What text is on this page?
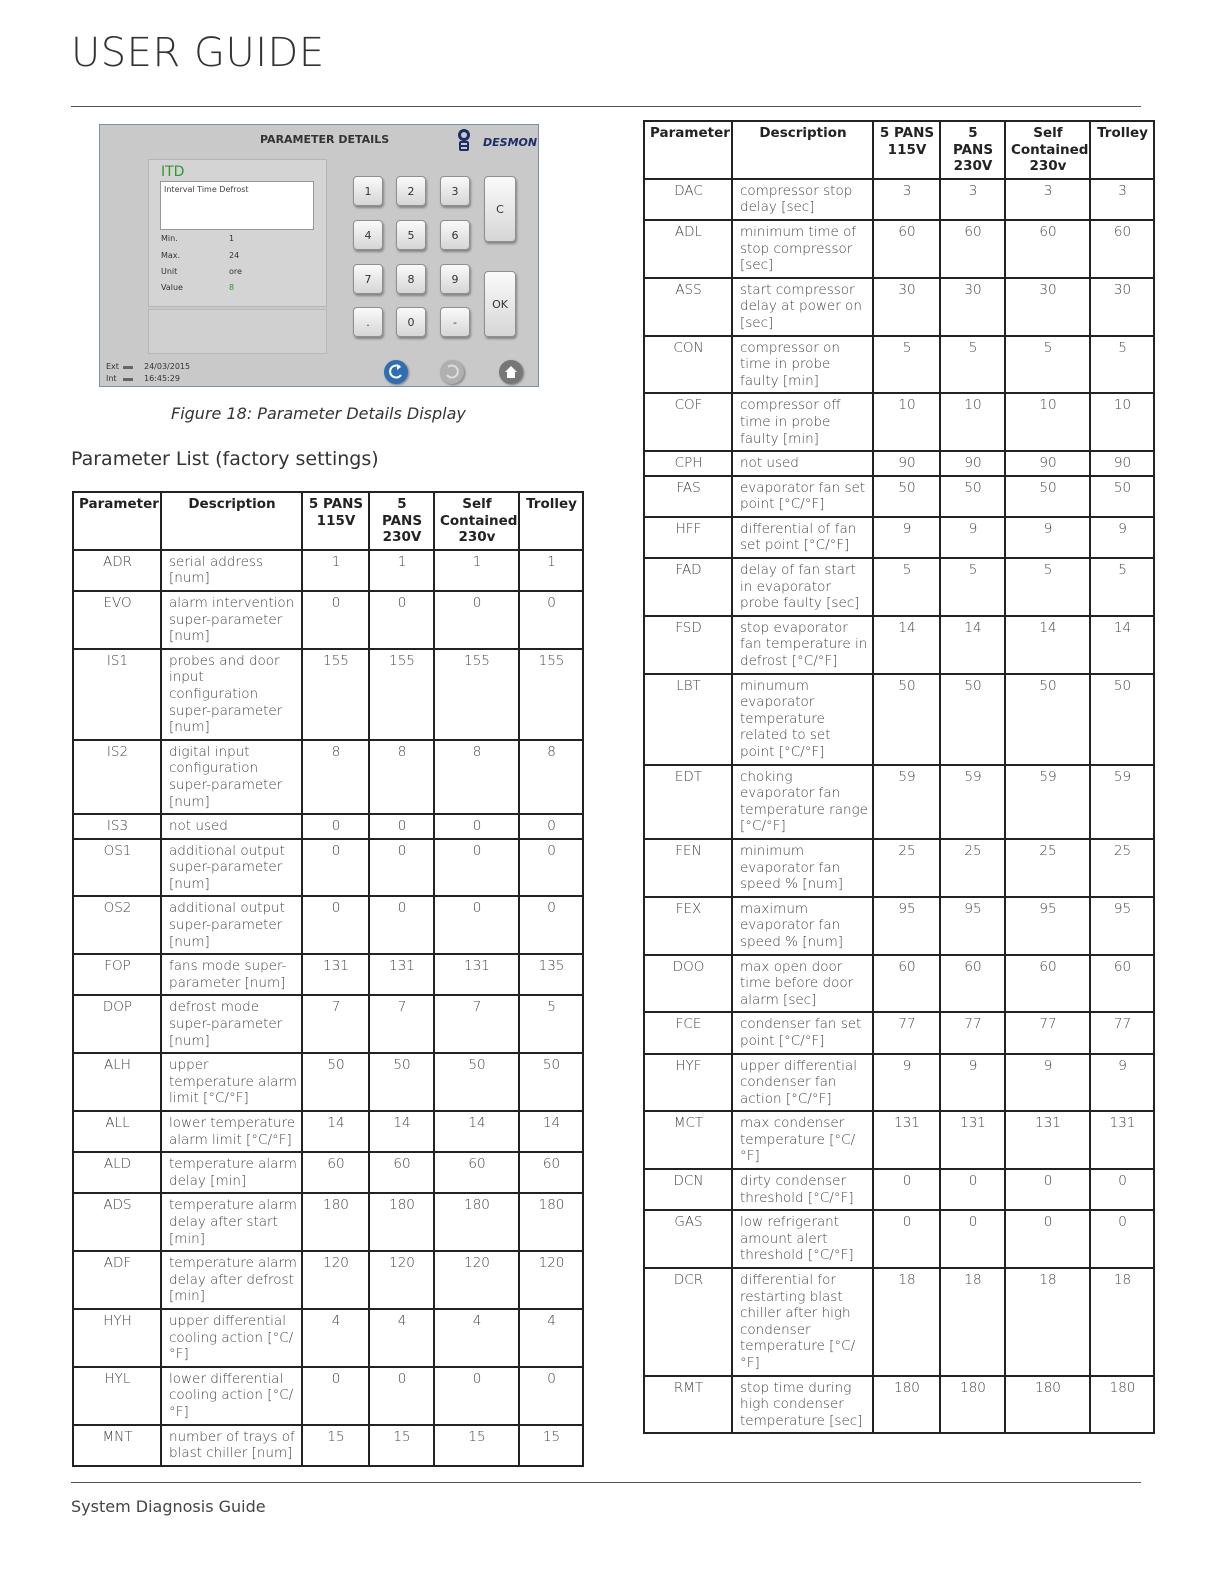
USER GUIDE
PARAMETER DETAILS	DESMON
ITD
Interval Time Defrost
Min.	1
Max.	24
Unit	ore
Value	8
1	2	3
4	5	6
7	8	9
.	0	-
C
OK
Ext	24/03/2015
Int	16:45:29
Figure 18: Parameter Details Display
Parameter List (factory settings)
Parameter	Description	5 PANS 115V	5 PANS 230V	Self Contained 230v	Trolley
ADR	serial address [num]	1	1	1	1
EVO	alarm intervention super-parameter [num]	0	0	0	0
IS1	probes and door input configuration super-parameter [num]	155	155	155	155
IS2	digital input configuration super-parameter [num]	8	8	8	8
IS3	not used	0	0	0	0
OS1	additional output super-parameter [num]	0	0	0	0
OS2	additional output super-parameter [num]	0	0	0	0
FOP	fans mode super-parameter [num]	131	131	131	135
DOP	defrost mode super-parameter [num]	7	7	7	5
ALH	upper temperature alarm limit [°C/°F]	50	50	50	50
ALL	lower temperature alarm limit [°C/°F]	14	14	14	14
ALD	temperature alarm delay [min]	60	60	60	60
ADS	temperature alarm delay after start [min]	180	180	180	180
ADF	temperature alarm delay after defrost [min]	120	120	120	120
HYH	upper differential cooling action [°C/°F]	4	4	4	4
HYL	lower differential cooling action [°C/°F]	0	0	0	0
MNT	number of trays of blast chiller [num]	15	15	15	15
Parameter	Description	5 PANS 115V	5 PANS 230V	Self Contained 230v	Trolley
DAC	compressor stop delay [sec]	3	3	3	3
ADL	minimum time of stop compressor [sec]	60	60	60	60
ASS	start compressor delay at power on [sec]	30	30	30	30
CON	compressor on time in probe faulty [min]	5	5	5	5
COF	compressor off time in probe faulty [min]	10	10	10	10
CPH	not used	90	90	90	90
FAS	evaporator fan set point [°C/°F]	50	50	50	50
HFF	differential of fan set point [°C/°F]	9	9	9	9
FAD	delay of fan start in evaporator probe faulty [sec]	5	5	5	5
FSD	stop evaporator fan temperature in defrost [°C/°F]	14	14	14	14
LBT	minumum evaporator temperature related to set point [°C/°F]	50	50	50	50
EDT	choking evaporator fan temperature range [°C/°F]	59	59	59	59
FEN	minimum evaporator fan speed % [num]	25	25	25	25
FEX	maximum evaporator fan speed % [num]	95	95	95	95
DOO	max open door time before door alarm [sec]	60	60	60	60
FCE	condenser fan set point [°C/°F]	77	77	77	77
HYF	upper differential condenser fan action [°C/°F]	9	9	9	9
MCT	max condenser temperature [°C/°F]	131	131	131	131
DCN	dirty condenser threshold [°C/°F]	0	0	0	0
GAS	low refrigerant amount alert threshold [°C/°F]	0	0	0	0
DCR	differential for restarting blast chiller after high condenser temperature [°C/°F]	18	18	18	18
RMT	stop time during high condenser temperature [sec]	180	180	180	180
System Diagnosis Guide
